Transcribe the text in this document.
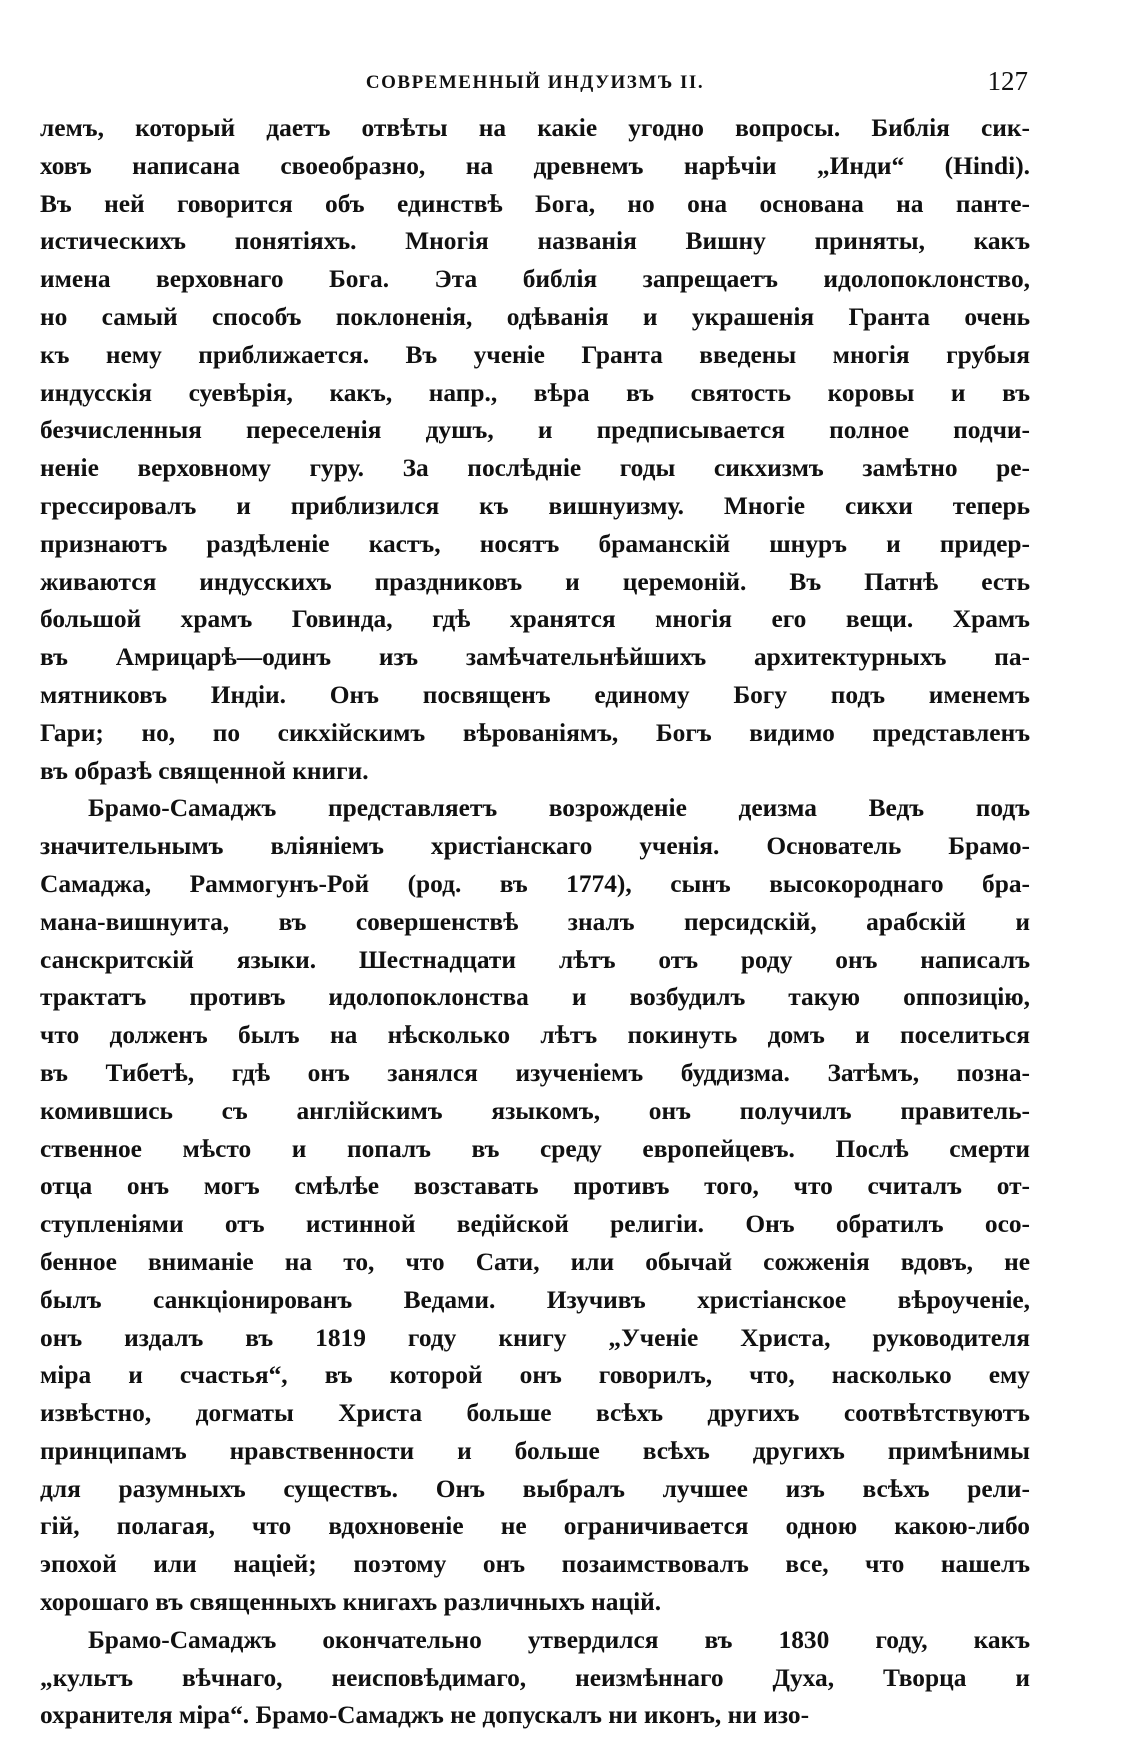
СОВРЕМЕННЫЙ ИНДУИЗМЪ II.	127

лемъ, который даетъ отвѣты на какіе угодно вопросы. Библія сик-
ховъ написана своеобразно, на древнемъ нарѣчіи „Инди“ (Hindi).
Въ ней говорится объ единствѣ Бога, но она основана на панте-
истическихъ понятіяхъ. Многія названія Вишну приняты, какъ
имена верховнаго Бога. Эта библія запрещаетъ идолопоклонство,
но самый способъ поклоненія, одѣванія и украшенія Гранта очень
къ нему приближается. Въ ученіе Гранта введены многія грубыя
индусскія суевѣрія, какъ, напр., вѣра въ святость коровы и въ
безчисленныя переселенія душъ, и предписывается полное подчи-
неніе верховному гуру. За послѣдніе годы сикхизмъ замѣтно ре-
грессировалъ и приблизился къ вишнуизму. Многіе сикхи теперь
признаютъ раздѣленіе кастъ, носятъ браманскій шнуръ и придер-
живаются индусскихъ праздниковъ и церемоній. Въ Патнѣ есть
большой храмъ Говинда, гдѣ хранятся многія его вещи. Храмъ
въ Амрицарѣ—одинъ изъ замѣчательнѣйшихъ архитектурныхъ па-
мятниковъ Индіи. Онъ посвященъ единому Богу подъ именемъ
Гари; но, по сикхійскимъ вѣрованіямъ, Богъ видимо представленъ
въ образѣ священной книги.

Брамо-Самаджъ представляетъ возрожденіе деизма Ведъ подъ
значительнымъ вліяніемъ христіанскаго ученія. Основатель Брамо-
Самаджа, Раммогунъ-Рой (род. въ 1774), сынъ высокороднаго бра-
мана-вишнуита, въ совершенствѣ зналъ персидскій, арабскій и
санскритскій языки. Шестнадцати лѣтъ отъ роду онъ написалъ
трактатъ противъ идолопоклонства и возбудилъ такую оппозицію,
что долженъ былъ на нѣсколько лѣтъ покинуть домъ и поселиться
въ Тибетѣ, гдѣ онъ занялся изученіемъ буддизма. Затѣмъ, позна-
комившись съ англійскимъ языкомъ, онъ получилъ правитель-
ственное мѣсто и попалъ въ среду европейцевъ. Послѣ смерти
отца онъ могъ смѣлѣе возставать противъ того, что считалъ от-
ступленіями отъ истинной ведійской религіи. Онъ обратилъ осо-
бенное вниманіе на то, что Сати, или обычай сожженія вдовъ, не
былъ санкціонированъ Ведами. Изучивъ христіанское вѣроученіе,
онъ издалъ въ 1819 году книгу „Ученіе Христа, руководителя
міра и счастья“, въ которой онъ говорилъ, что, насколько ему
извѣстно, догматы Христа больше всѣхъ другихъ соотвѣтствуютъ
принципамъ нравственности и больше всѣхъ другихъ примѣнимы
для разумныхъ существъ. Онъ выбралъ лучшее изъ всѣхъ рели-
гій, полагая, что вдохновеніе не ограничивается одною какою-либо
эпохой или націей; поэтому онъ позаимствовалъ все, что нашелъ
хорошаго въ священныхъ книгахъ различныхъ націй.

Брамо-Самаджъ окончательно утвердился въ 1830 году, какъ
„культъ вѣчнаго, неисповѣдимаго, неизмѣннаго Духа, Творца и
охранителя міра“. Брамо-Самаджъ не допускалъ ни иконъ, ни изо-
